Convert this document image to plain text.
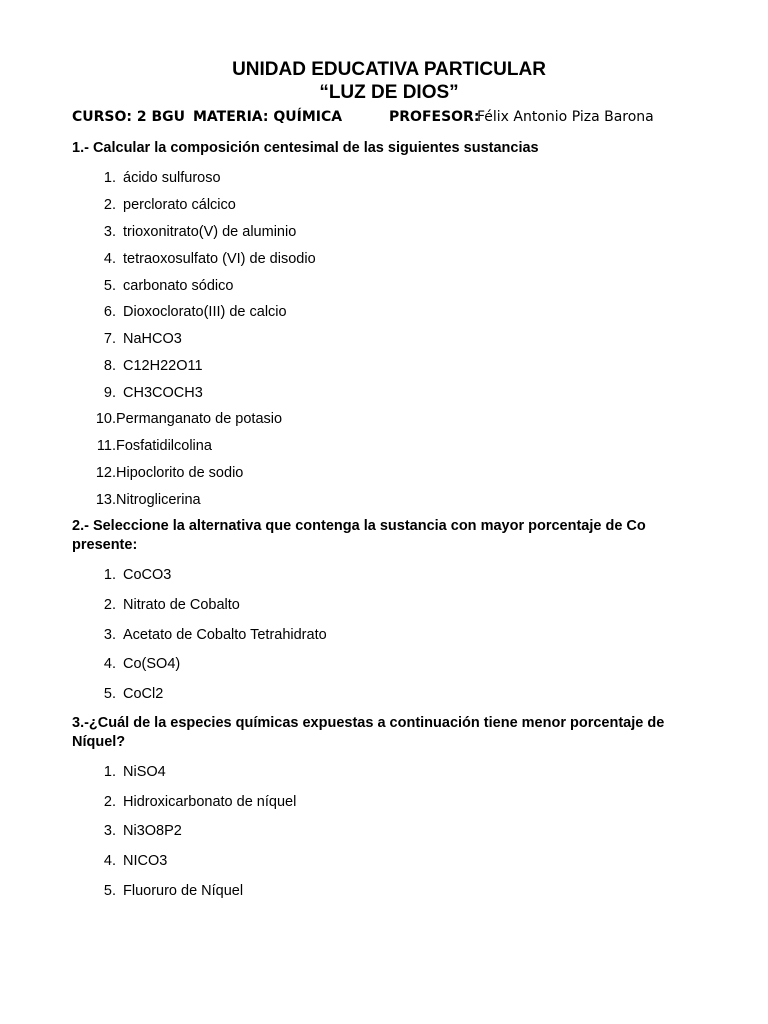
UNIDAD EDUCATIVA PARTICULAR
“LUZ DE DIOS”
CURSO: 2 BGU MATERIA: QUÍMICA	PROFESOR:
Félix Antonio Piza Barona
1.- Calcular la composición centesimal de las siguientes sustancias
1. ácido sulfuroso
2. perclorato cálcico
3. trioxonitrato(V) de aluminio
4. tetraoxosulfato (VI) de disodio
5. carbonato sódico
6. Dioxoclorato(III) de calcio
7. NaHCO3
8. C12H22O11
9. CH3COCH3
10.Permanganato de potasio
11.Fosfatidilcolina
12.Hipoclorito de sodio
13.Nitroglicerina
2.- Seleccione la alternativa que contenga la sustancia con mayor porcentaje de Co
presente:
1. CoCO3
2. Nitrato de Cobalto
3. Acetato de Cobalto Tetrahidrato
4. Co(SO4)
5. CoCl2
3.-¿Cuál de la especies químicas expuestas a continuación tiene menor porcentaje de
Níquel?
1. NiSO4
2. Hidroxicarbonato de níquel
3. Ni3O8P2
4. NICO3
5. Fluoruro de Níquel
